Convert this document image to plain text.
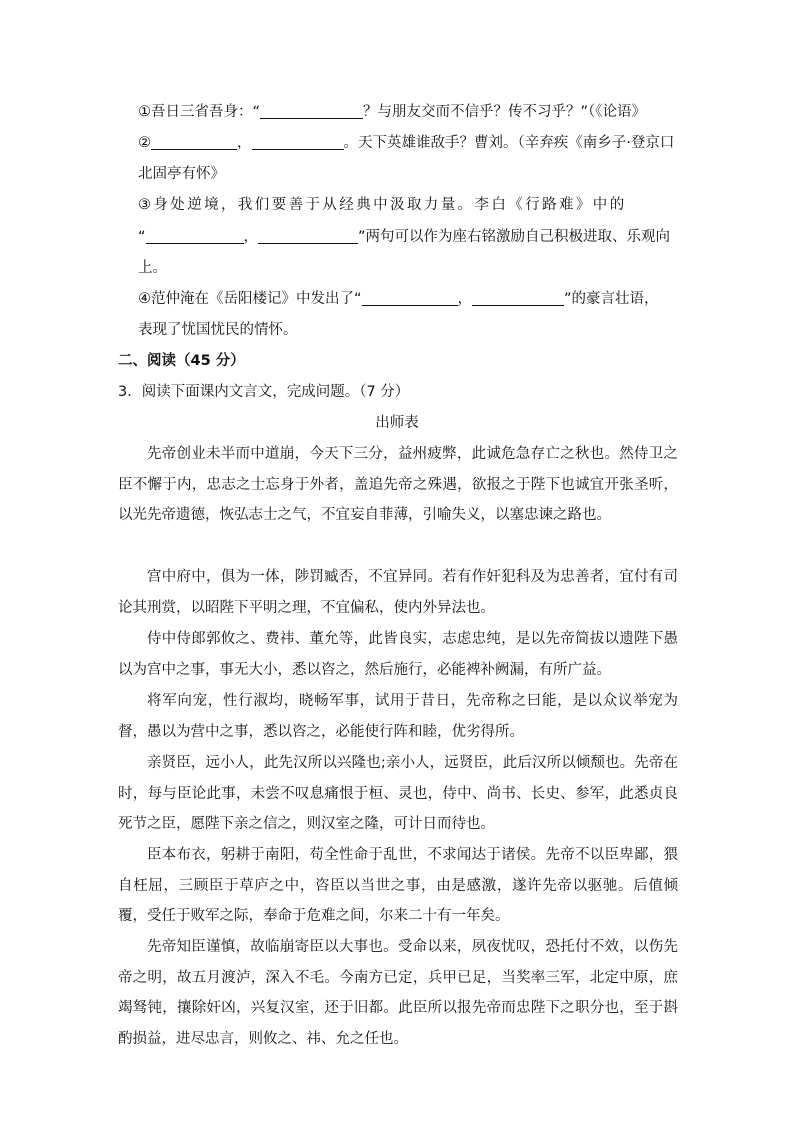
①吾日三省吾身：“	？与朋友交而不信乎？传不习乎？”（《论语》
②	，	。天下英雄谁敌手？曹刘。（辛弃疾《南乡子·登京口
北固亭有怀》
③身处逆境，我们要善于从经典中汲取力量。李白《行路难》中的
“	，	”两句可以作为座右铭激励自己积极进取、乐观向
上。
④范仲淹在《岳阳楼记》中发出了“	，	”的豪言壮语，
表现了忧国忧民的情怀。
二、阅读（45 分）
3．阅读下面课内文言文，完成问题。（7 分）
出师表
先帝创业未半而中道崩，今天下三分，益州疲弊，此诚危急存亡之秋也。然侍卫之臣不懈于内，忠志之士忘身于外者，盖追先帝之殊遇，欲报之于陛下也诚宜开张圣听，以光先帝遗德，恢弘志士之气，不宜妄自菲薄，引喻失义，以塞忠谏之路也。
宫中府中，俱为一体，陟罚臧否，不宜异同。若有作奸犯科及为忠善者，宜付有司论其刑赏，以昭陛下平明之理，不宜偏私，使内外异法也。
侍中侍郎郭攸之、费祎、董允等，此皆良实，志虑忠纯，是以先帝简拔以遗陛下愚以为宫中之事，事无大小，悉以咨之，然后施行，必能裨补阙漏，有所广益。
将军向宠，性行淑均，晓畅军事，试用于昔日，先帝称之曰能，是以众议举宠为督，愚以为营中之事，悉以咨之，必能使行阵和睦，优劣得所。
亲贤臣，远小人，此先汉所以兴隆也;亲小人，远贤臣，此后汉所以倾颓也。先帝在时，每与臣论此事，未尝不叹息痛恨于桓、灵也，侍中、尚书、长史、参军，此悉贞良死节之臣，愿陛下亲之信之，则汉室之隆，可计日而待也。
臣本布衣，躬耕于南阳，苟全性命于乱世，不求闻达于诸侯。先帝不以臣卑鄙，猥自枉屈，三顾臣于草庐之中，咨臣以当世之事，由是感激，遂许先帝以驱驰。后值倾覆，受任于败军之际，奉命于危难之间，尔来二十有一年矣。
先帝知臣谨慎，故临崩寄臣以大事也。受命以来，夙夜忧叹，恐托付不效，以伤先帝之明，故五月渡泸，深入不毛。今南方已定，兵甲已足，当奖率三军，北定中原，庶竭驽钝，攘除奸凶，兴复汉室，还于旧都。此臣所以报先帝而忠陛下之职分也，至于斟酌损益，进尽忠言，则攸之、祎、允之任也。
